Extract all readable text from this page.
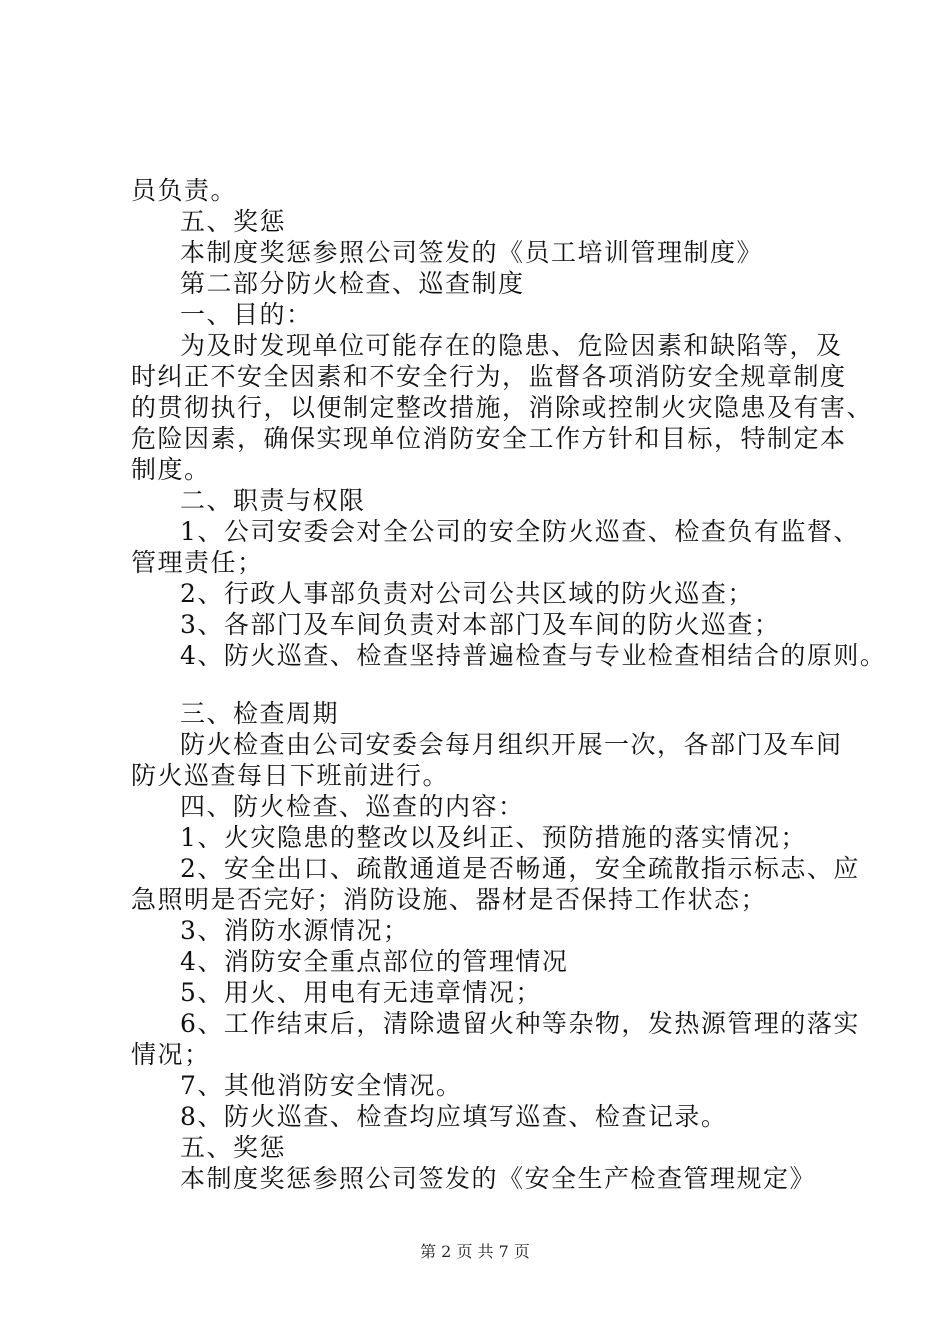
员负责。
五、奖惩
本制度奖惩参照公司签发的《员工培训管理制度》
第二部分防火检查、巡查制度
一、目的：
为及时发现单位可能存在的隐患、危险因素和缺陷等，及
时纠正不安全因素和不安全行为，监督各项消防安全规章制度
的贯彻执行，以便制定整改措施，消除或控制火灾隐患及有害、
危险因素，确保实现单位消防安全工作方针和目标，特制定本
制度。
二、职责与权限
1、公司安委会对全公司的安全防火巡查、检查负有监督、
管理责任；
2、行政人事部负责对公司公共区域的防火巡查；
3、各部门及车间负责对本部门及车间的防火巡查；
4、防火巡查、检查坚持普遍检查与专业检查相结合的原则。
三、检查周期
防火检查由公司安委会每月组织开展一次，各部门及车间
防火巡查每日下班前进行。
四、防火检查、巡查的内容：
1、火灾隐患的整改以及纠正、预防措施的落实情况；
2、安全出口、疏散通道是否畅通，安全疏散指示标志、应
急照明是否完好；消防设施、器材是否保持工作状态；
3、消防水源情况；
4、消防安全重点部位的管理情况
5、用火、用电有无违章情况；
6、工作结束后，清除遗留火种等杂物，发热源管理的落实
情况；
7、其他消防安全情况。
8、防火巡查、检查均应填写巡查、检查记录。
五、奖惩
本制度奖惩参照公司签发的《安全生产检查管理规定》
第 2 页 共 7 页
